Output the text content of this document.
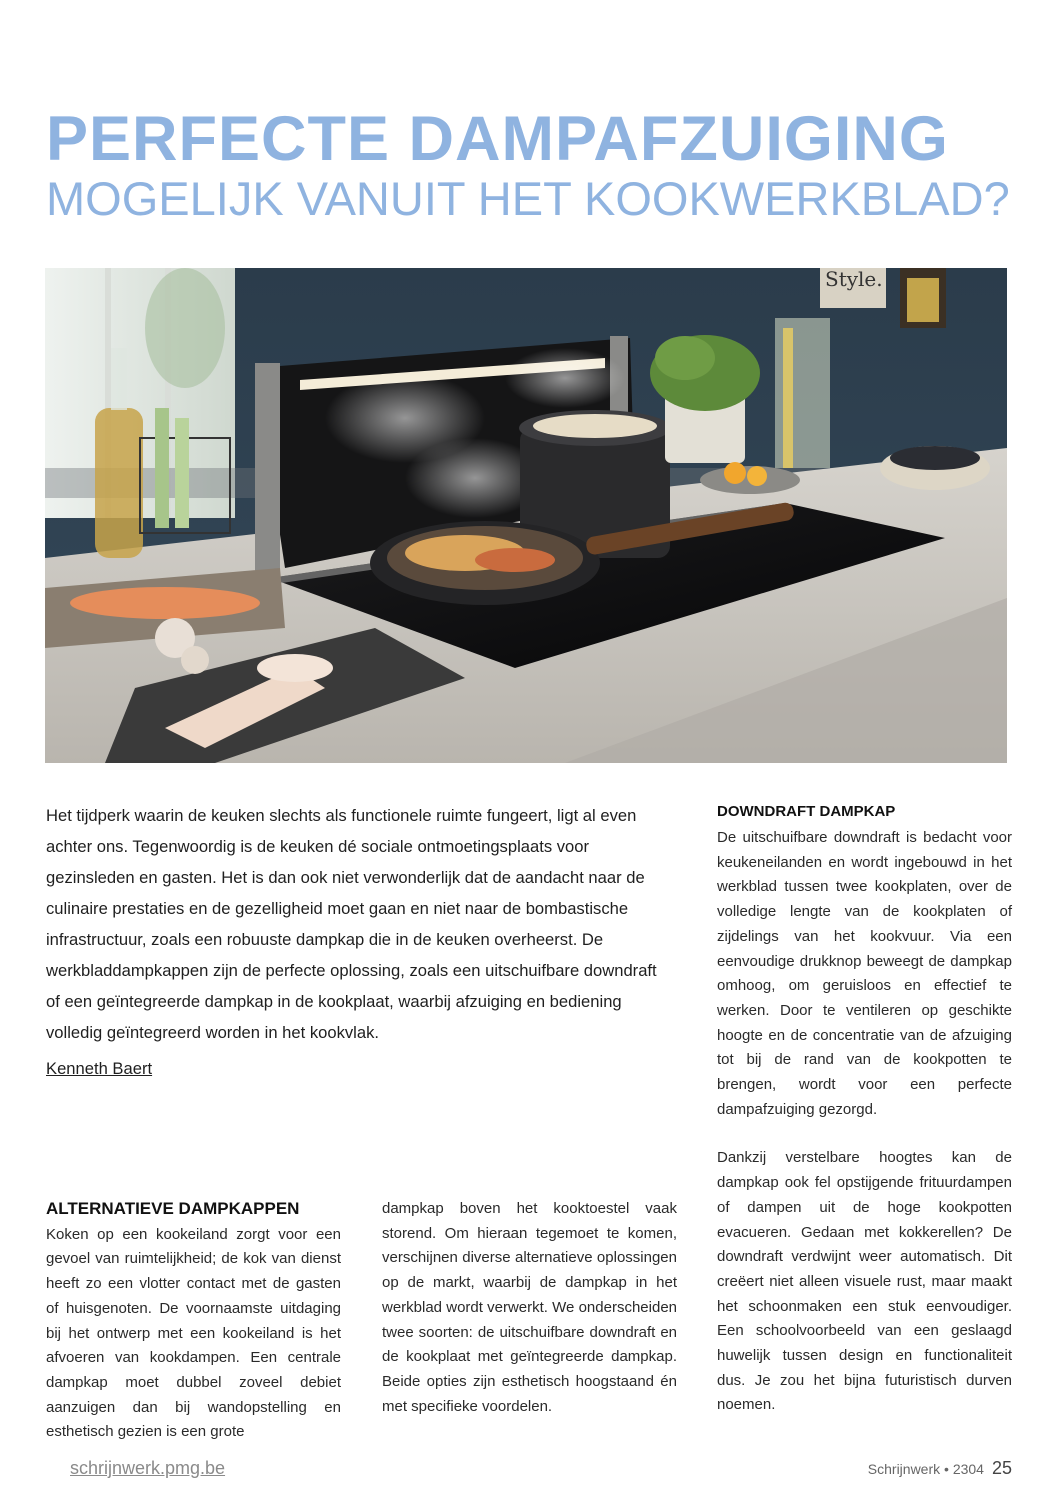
PERFECTE DAMPAFZUIGING
MOGELIJK VANUIT HET KOOKWERKBLAD?
Style.

Het tijdperk waarin de keuken slechts als functionele ruimte fungeert, ligt al even achter ons. Tegenwoordig is de keuken dé sociale ontmoetingsplaats voor gezinsleden en gasten. Het is dan ook niet verwonderlijk dat de aandacht naar de culinaire prestaties en de gezelligheid moet gaan en niet naar de bombastische infrastructuur, zoals een robuuste dampkap die in de keuken overheerst. De werkbladdampkappen zijn de perfecte oplossing, zoals een uitschuifbare downdraft of een geïntegreerde dampkap in de kookplaat, waarbij afzuiging en bediening volledig geïntegreerd worden in het kookvlak.

Kenneth Baert
ALTERNATIEVE DAMPKAPPEN

Koken op een kookeiland zorgt voor een gevoel van ruimtelijkheid; de kok van dienst heeft zo een vlotter contact met de gasten of huisgenoten. De voornaamste uitdaging bij het ontwerp met een kookeiland is het afvoeren van kookdampen. Een centrale dampkap moet dubbel zoveel debiet aanzuigen dan bij wandopstelling en esthetisch gezien is een grote

dampkap boven het kooktoestel vaak storend. Om hieraan tegemoet te komen, verschijnen diverse alternatieve oplossingen op de markt, waarbij de dampkap in het werkblad wordt verwerkt. We onderscheiden twee soorten: de uitschuifbare downdraft en de kookplaat met geïntegreerde dampkap. Beide opties zijn esthetisch hoogstaand én met specifieke voordelen.

DOWNDRAFT DAMPKAP

De uitschuifbare downdraft is bedacht voor keukeneilanden en wordt ingebouwd in het werkblad tussen twee kookplaten, over de volledige lengte van de kookplaten of zijdelings van het kookvuur. Via een eenvoudige drukknop beweegt de dampkap omhoog, om geruisloos en effectief te werken. Door te ventileren op geschikte hoogte en de concentratie van de afzuiging tot bij de rand van de kookpotten te brengen, wordt voor een perfecte dampafzuiging gezorgd.

Dankzij verstelbare hoogtes kan de dampkap ook fel opstijgende frituurdampen of dampen uit de hoge kookpotten evacueren. Gedaan met kokkerellen? De downdraft verdwijnt weer automatisch. Dit creëert niet alleen visuele rust, maar maakt het schoonmaken een stuk eenvoudiger. Een schoolvoorbeeld van een geslaagd huwelijk tussen design en functionaliteit dus. Je zou het bijna futuristisch durven noemen.

schrijnwerk.pmg.be	Schrijnwerk • 2304 25
